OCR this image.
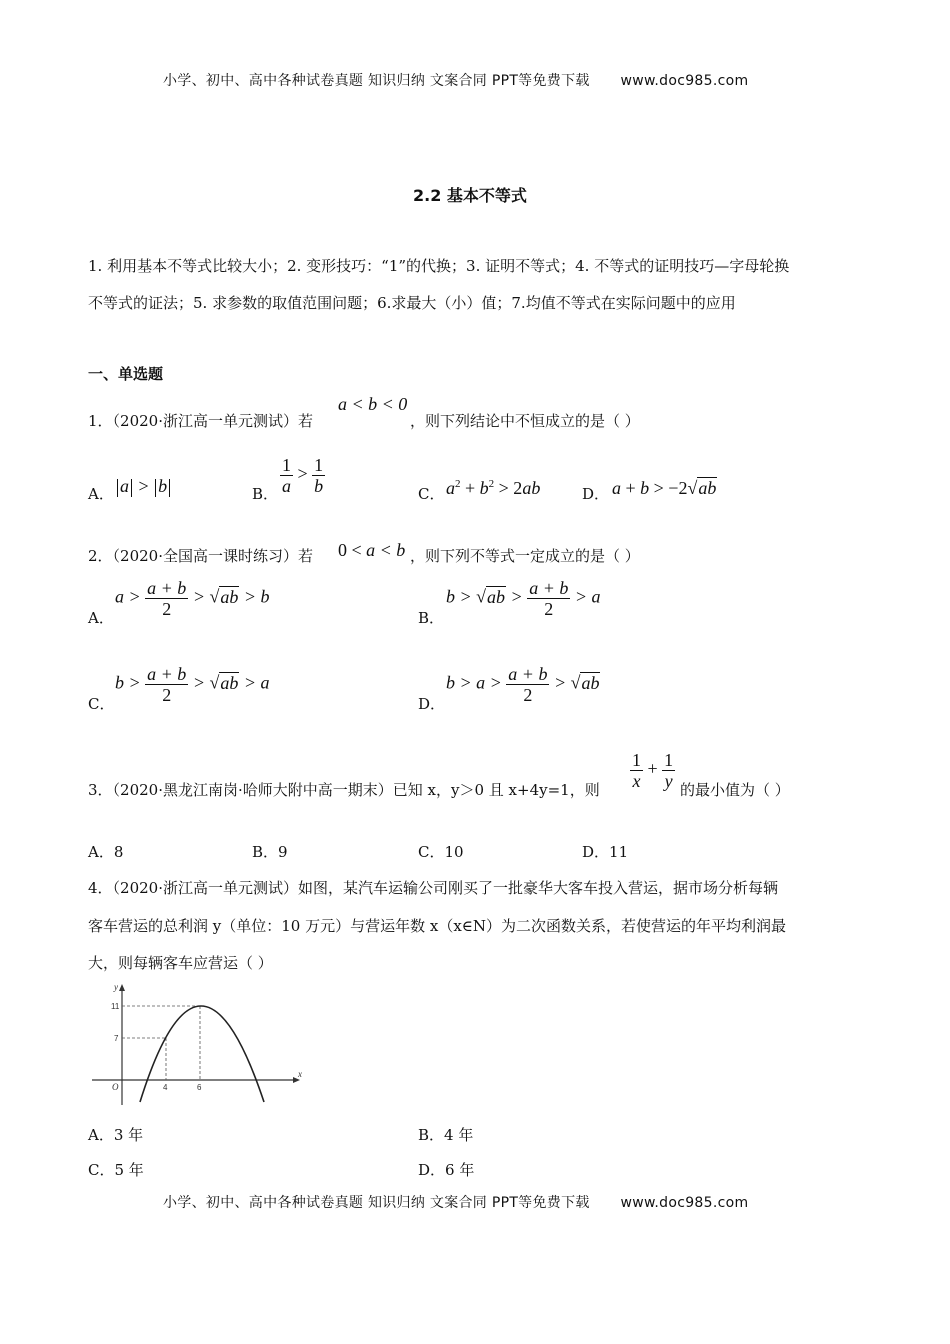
小学、初中、高中各种试卷真题 知识归纳 文案合同 PPT等免费下载 www.doc985.com
2.2 基本不等式
1. 利用基本不等式比较大小；2. 变形技巧：“1”的代换；3. 证明不等式；4. 不等式的证明技巧—字母轮换
不等式的证法；5. 求参数的取值范围问题；6.求最大（小）值；7.均值不等式在实际问题中的应用
一、单选题
1．（2020·浙江高一单元测试）若
a < b < 0
，则下列结论中不恒成立的是（ ）
A． a > b	B． $\frac{1}{a} > \frac{1}{b}$	C． $a^2 + b^2 > 2ab$	D． a + b > −2√ab
2．（2020·全国高一课时练习）若 0 < a < b ，则下列不等式一定成立的是（ ）
A．
$a > \frac{a + b}{2} > √ab > b$
B．
$b > √ab > \frac{a + b}{2} > a$
C．
$b > \frac{a + b}{2} > √ab > a$
D．
$b > a > \frac{a + b}{2} > √ab$
3．（2020·黑龙江南岗·哈师大附中高一期末）已知 x，y＞0 且 x+4y=1，则 $\frac{1}{x} + \frac{1}{y}$ 的最小值为（ ）
A．8	B．9	C．10	D．11
4．（2020·浙江高一单元测试）如图，某汽车运输公司刚买了一批豪华大客车投入营运，据市场分析每辆
客车营运的总利润 y（单位：10 万元）与营运年数 x（x∈N）为二次函数关系，若使营运的年平均利润最
大，则每辆客车应营运（ ）
y
x
O
11
7
4	6
A．3 年	B．4 年
C．5 年	D．6 年
小学、初中、高中各种试卷真题 知识归纳 文案合同 PPT等免费下载 www.doc985.com
